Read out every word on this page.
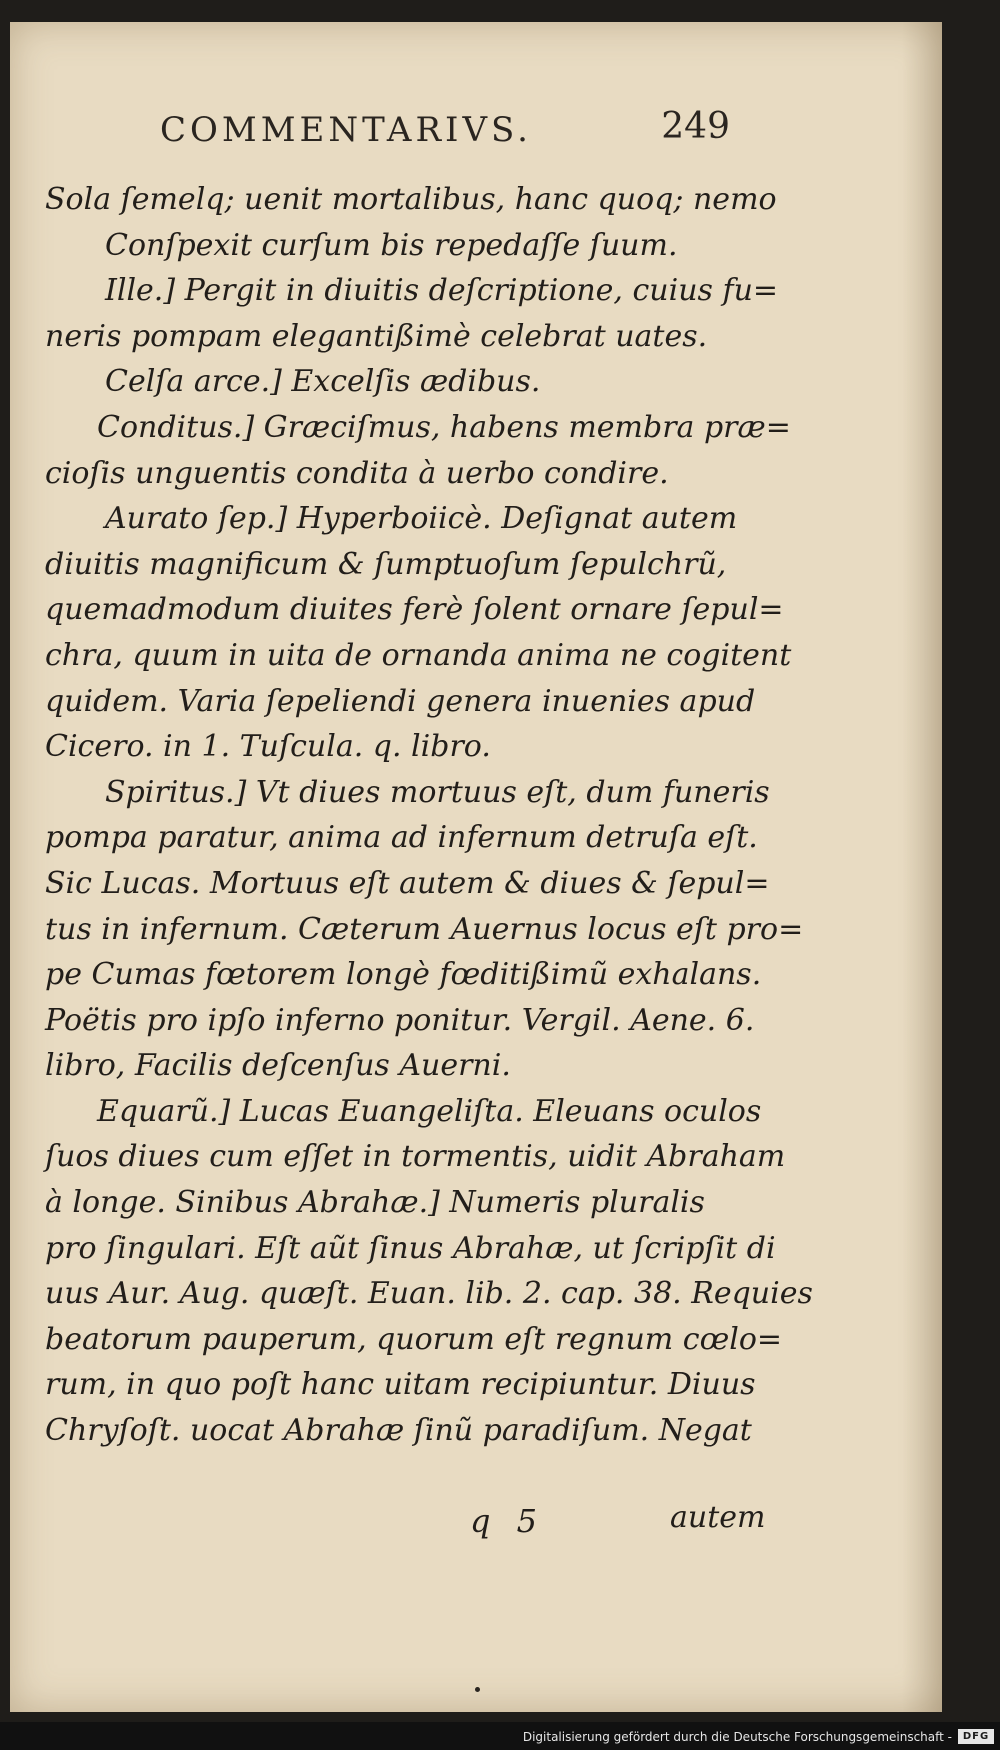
COMMENTARIVS.	249
Sola ſemelq; uenit mortalibus, hanc quoq; nemo
Conſpexit curſum bis repedaſſe ſuum.
Ille.] Pergit in diuitis deſcriptione, cuius fu=
neris pompam elegantißimè celebrat uates.
Celſa arce.] Excelſis ædibus.
Conditus.] Græciſmus, habens membra præ=
cioſis unguentis condita à uerbo condire.
Aurato ſep.] Hyperboiicè. Deſignat autem
diuitis magnificum & ſumptuoſum ſepulchrũ,
quemadmodum diuites ferè ſolent ornare ſepul=
chra, quum in uita de ornanda anima ne cogitent
quidem. Varia ſepeliendi genera inuenies apud
Cicero. in 1. Tuſcula. q. libro.
Spiritus.] Vt diues mortuus eſt, dum funeris
pompa paratur, anima ad infernum detruſa eſt.
Sic Lucas. Mortuus eſt autem & diues & ſepul=
tus in infernum. Cæterum Auernus locus eſt pro=
pe Cumas fœtorem longè fœditißimũ exhalans.
Poëtis pro ipſo inferno ponitur. Vergil. Aene. 6.
libro, Facilis deſcenſus Auerni.
Equarũ.] Lucas Euangeliſta. Eleuans oculos
ſuos diues cum eſſet in tormentis, uidit Abraham
à longe. Sinibus Abrahæ.] Numeris pluralis
pro ſingulari. Eſt aũt ſinus Abrahæ, ut ſcripſit di
uus Aur. Aug. quæſt. Euan. lib. 2. cap. 38. Requies
beatorum pauperum, quorum eſt regnum cœlo=
rum, in quo poſt hanc uitam recipiuntur. Diuus
Chryſoſt. uocat Abrahæ ſinũ paradiſum. Negat
q 5	autem
Digitalisierung gefördert durch die Deutsche Forschungsgemeinschaft -	DFG
